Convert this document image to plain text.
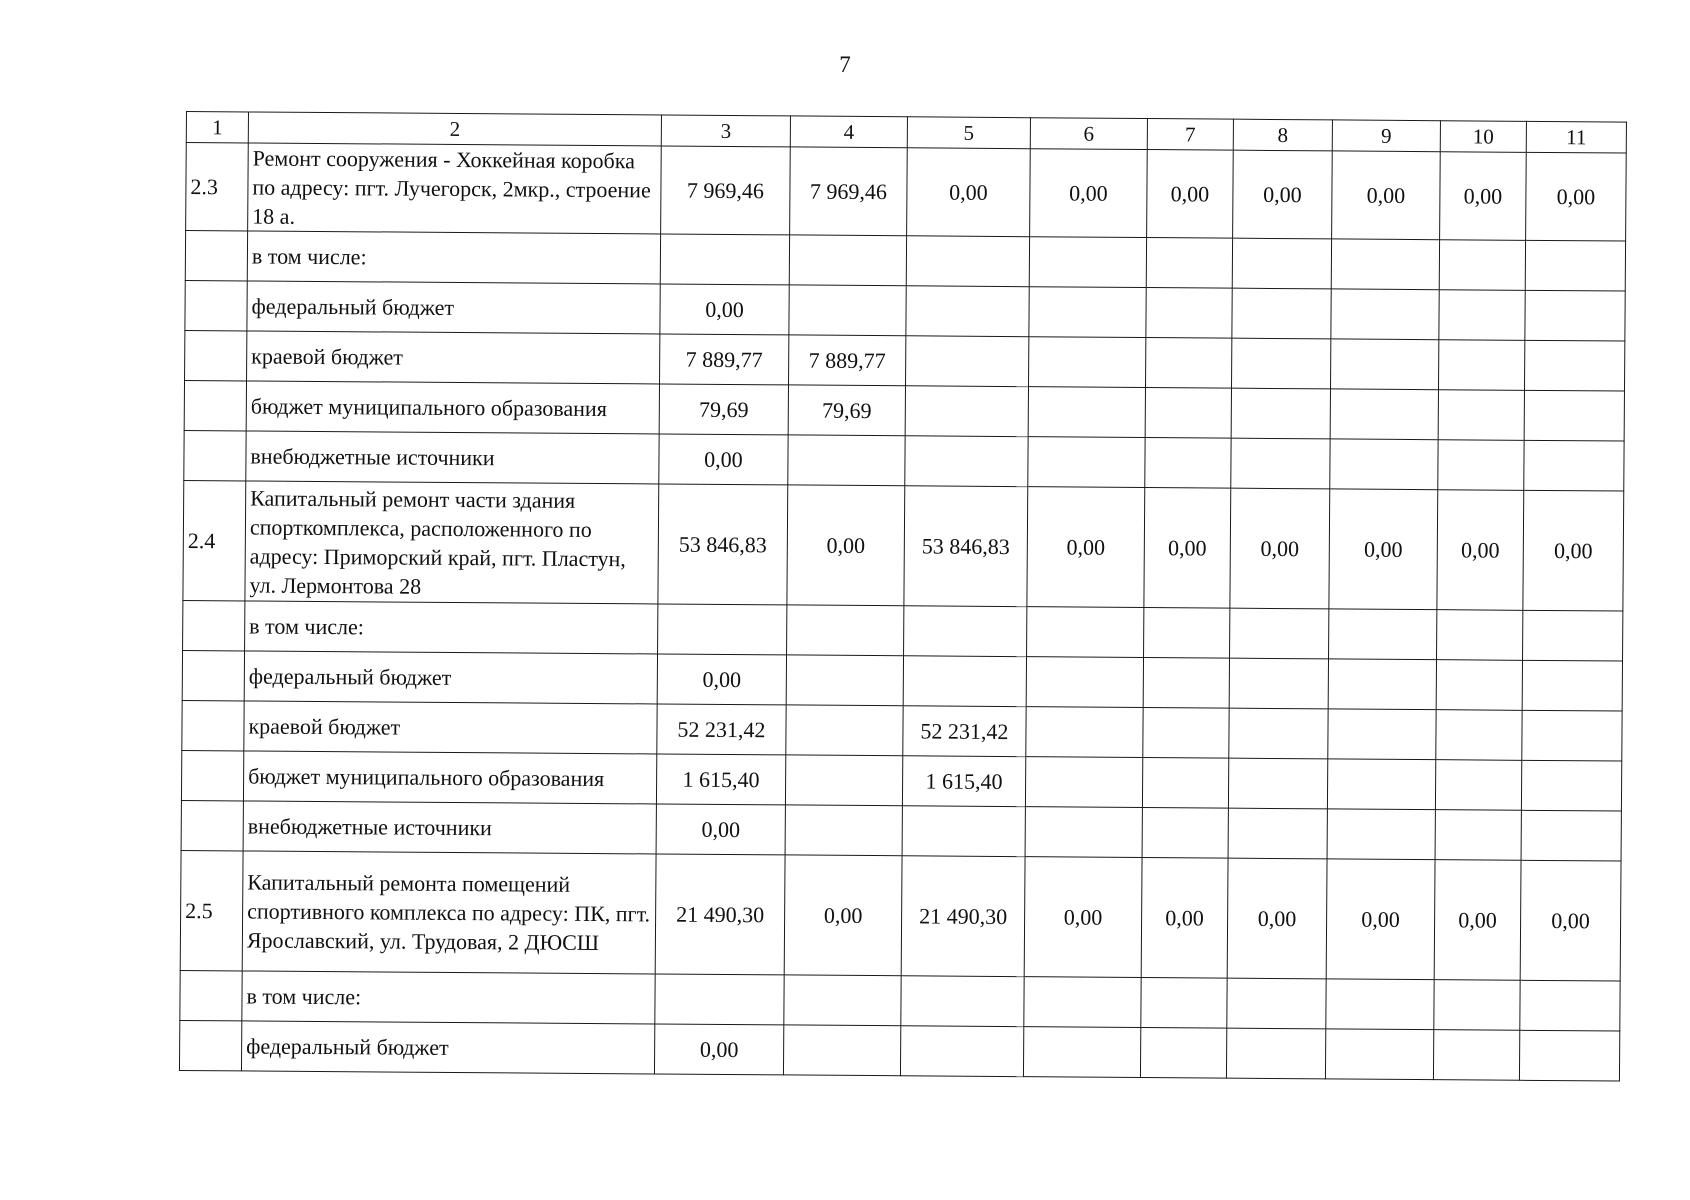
7
1	2	3	4	5	6	7	8	9	10	11
2.3	Ремонт сооружения - Хоккейная коробка по адресу: пгт. Лучегорск, 2мкр., строение 18 а.	7 969,46	7 969,46	0,00	0,00	0,00	0,00	0,00	0,00	0,00
	в том числе:									
	федеральный бюджет	0,00								
	краевой бюджет	7 889,77	7 889,77							
	бюджет муниципального образования	79,69	79,69							
	внебюджетные источники	0,00								
2.4	Капитальный ремонт части здания спорткомплекса, расположенного по адресу: Приморский край, пгт. Пластун, ул. Лермонтова 28	53 846,83	0,00	53 846,83	0,00	0,00	0,00	0,00	0,00	0,00
	в том числе:									
	федеральный бюджет	0,00								
	краевой бюджет	52 231,42		52 231,42						
	бюджет муниципального образования	1 615,40		1 615,40						
	внебюджетные источники	0,00								
2.5	Капитальный ремонта помещений спортивного комплекса по адресу: ПК, пгт. Ярославский, ул. Трудовая, 2 ДЮСШ	21 490,30	0,00	21 490,30	0,00	0,00	0,00	0,00	0,00	0,00
	в том числе:									
	федеральный бюджет	0,00								
